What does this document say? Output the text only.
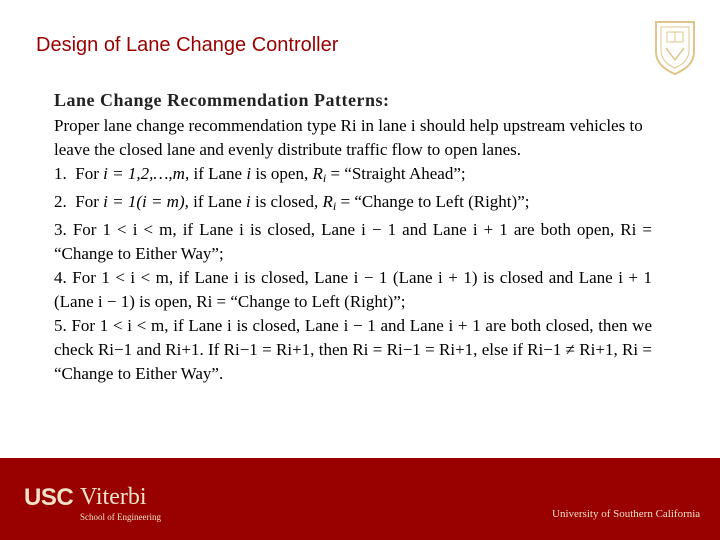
Design of Lane Change Controller
Lane Change Recommendation Patterns:

Proper lane change recommendation type Ri in lane i should help upstream vehicles to leave the closed lane and evenly distribute traffic flow to open lanes.

1. For i = 1,2,…,m, if Lane i is open, $R_i$ = “Straight Ahead”;

2. For i = 1(i = m), if Lane i is closed, $R_i$ = “Change to Left (Right)”;

3. For 1 < i < m, if Lane i is closed, Lane i − 1 and Lane i + 1 are both open, Ri = “Change to Either Way”;

4. For 1 < i < m, if Lane i is closed, Lane i − 1 (Lane i + 1) is closed and Lane i + 1 (Lane i − 1) is open, Ri = “Change to Left (Right)”;

5. For 1 < i < m, if Lane i is closed, Lane i − 1 and Lane i + 1 are both closed, then we check Ri−1 and Ri+1. If Ri−1 = Ri+1, then Ri = Ri−1 = Ri+1, else if Ri−1 ≠ Ri+1, Ri = “Change to Either Way”.

USC Viterbi
School of Engineering	University of Southern California
